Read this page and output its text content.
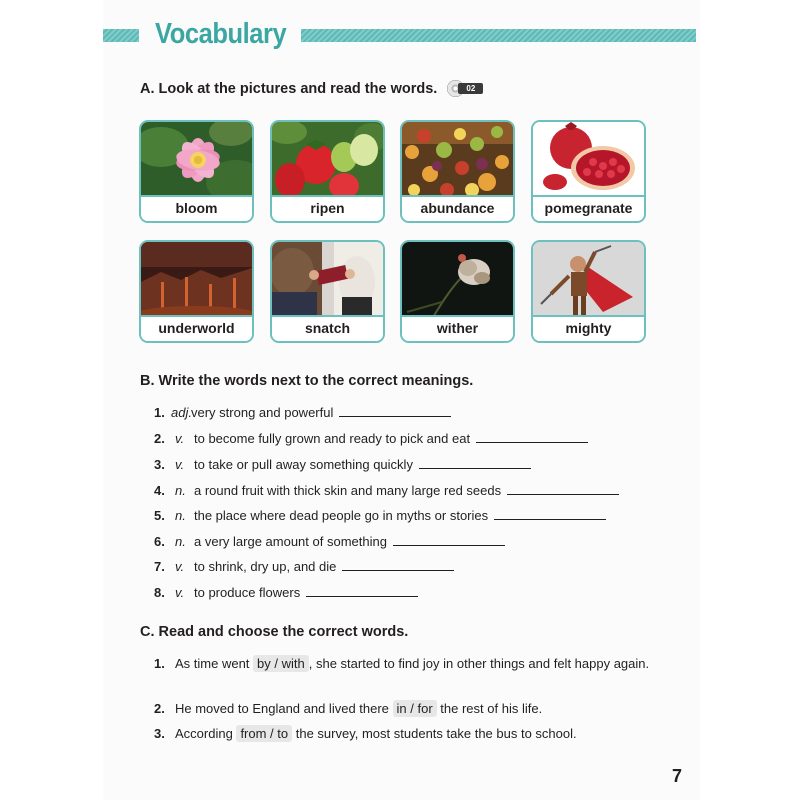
Vocabulary
A. Look at the pictures and read the words.	02
bloom	ripen	abundance	pomegranate
underworld	snatch	wither	mighty
B. Write the words next to the correct meanings.
1. adj.very strong and powerful
2. v. to become fully grown and ready to pick and eat
3. v. to take or pull away something quickly
4. n. a round fruit with thick skin and many large red seeds
5. n. the place where dead people go in myths or stories
6. n. a very large amount of something
7. v. to shrink, dry up, and die
8. v. to produce flowers
C. Read and choose the correct words.
1. As time went by / with , she started to find joy in other things and felt happy again.
2. He moved to England and lived there in / for the rest of his life.
3. According from / to the survey, most students take the bus to school.
7
